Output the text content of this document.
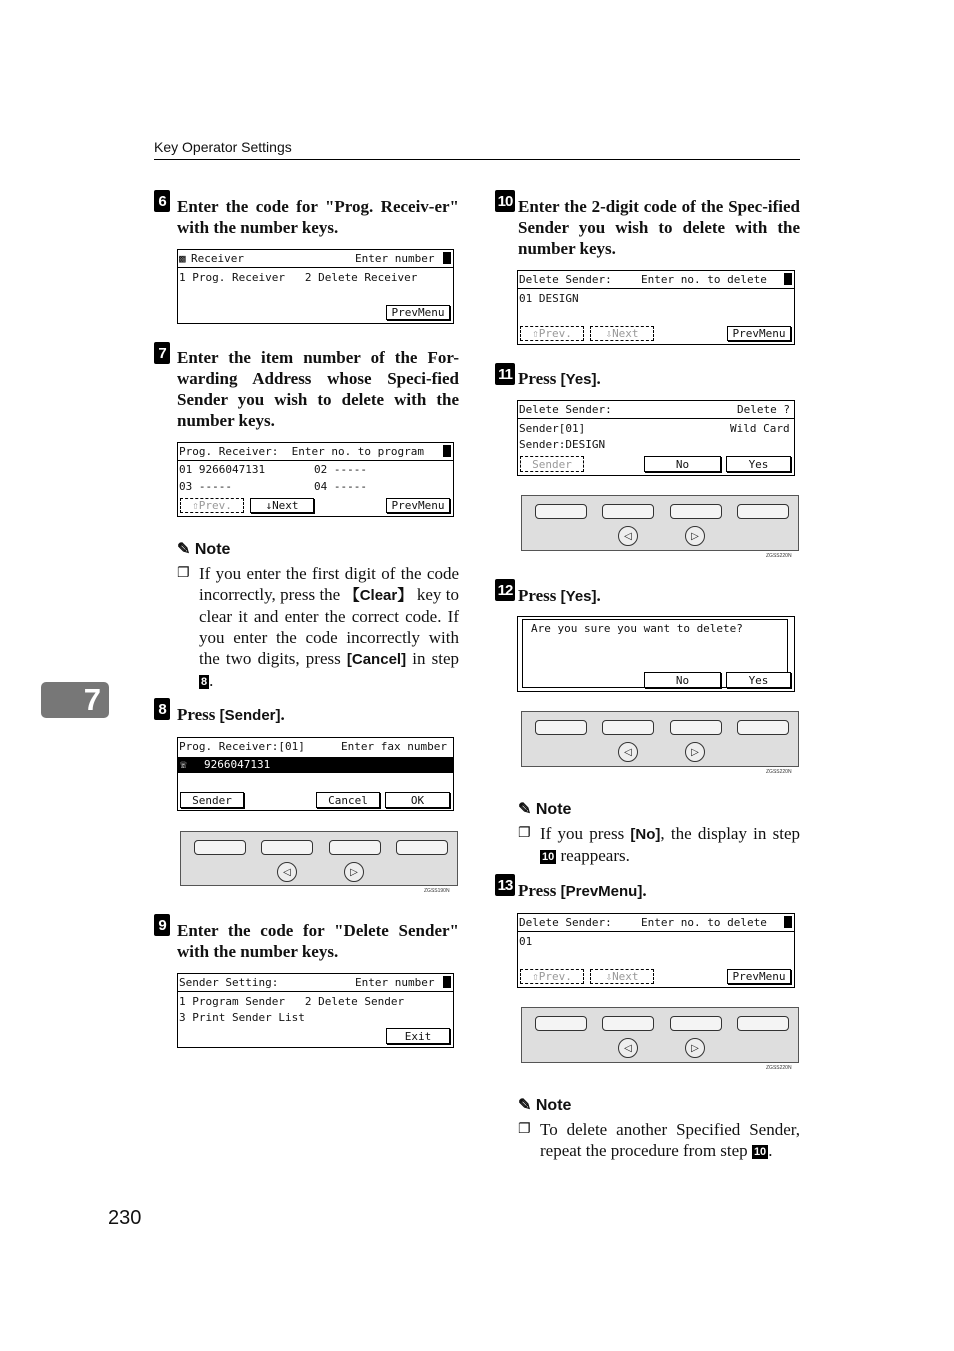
Key Operator Settings
7
230
6 Enter the code for "Prog. Receiv-er" with the number keys.
▩ Receiver	Enter number
1 Prog. Receiver   2 Delete Receiver
PrevMenu
7 Enter the item number of the For-warding Address whose Speci-fied Sender you wish to delete with the number keys.
Prog. Receiver:  Enter no. to program
01 9266047131	02 -----
03 -----	04 -----
⇧ Prev.	↓ Next	PrevMenu
✎ Note
❐ If you enter the first digit of the code incorrectly, press the 【Clear】 key to clear it and enter the correct code. If you enter the code incorrectly with the two digits, press [Cancel] in step 8 .
8 Press [Sender].
Prog. Receiver:[01]	Enter fax number
☏ 9266047131
Sender	Cancel	OK
◁	▷
ZGSS190N
9 Enter the code for "Delete Sender" with the number keys.
Sender Setting:	Enter number
1 Program Sender   2 Delete Sender
3 Print Sender List
Exit
10 Enter the 2-digit code of the Spec-ified Sender you wish to delete with the number keys.
Delete Sender:	Enter no. to delete
01 DESIGN
⇧ Prev.	⇩ Next	PrevMenu
11 Press [Yes].
Delete Sender:	Delete ?
Sender[01]	Wild Card
Sender:DESIGN
Sender	No	Yes
◁	▷
ZGSS220N
12 Press [Yes].
Are you sure you want to delete?
No	Yes
◁	▷
ZGSS220N
✎ Note
❐ If you press [No], the display in step 10 reappears.
13 Press [PrevMenu].
Delete Sender:	Enter no. to delete
01
⇧ Prev.	⇩ Next	PrevMenu
◁	▷
ZGSS220N
✎ Note
❐ To delete another Specified Sender, repeat the procedure from step 10 .
